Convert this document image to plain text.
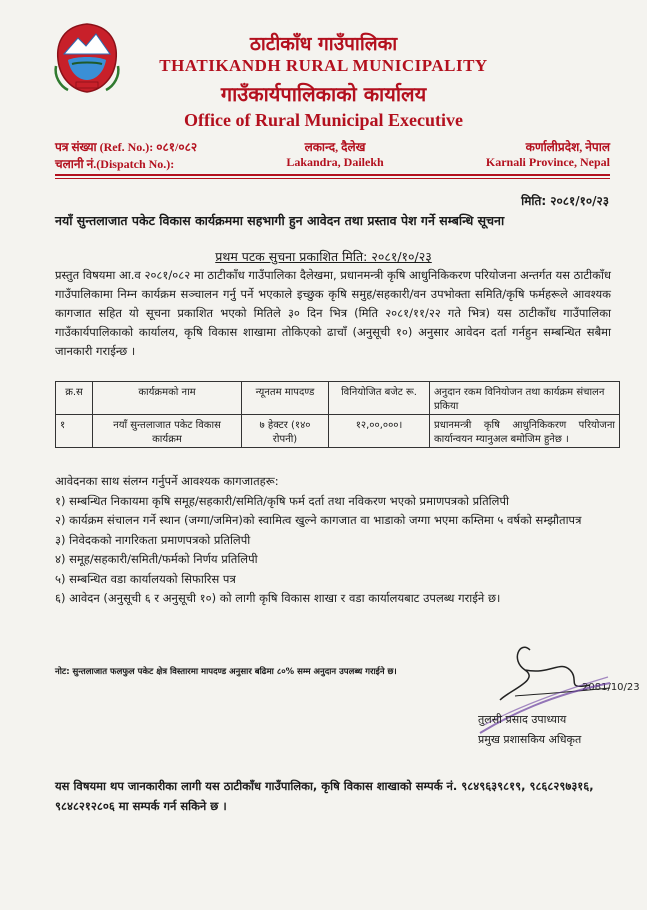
ठाटीकाँध गाउँपालिका
THATIKANDH RURAL MUNICIPALITY
गाउँकार्यपालिकाको कार्यालय
Office of Rural Municipal Executive
पत्र संख्या (Ref. No.): ०८१/०८२
चलानी नं.(Dispatch No.):
लकान्द, दैलेख
Lakandra, Dailekh
कर्णालीप्रदेश, नेपाल
Karnali Province, Nepal
मिति: २०८१/१०/२३
नयाँ सुन्तलाजात पकेट विकास कार्यक्रममा सहभागी हुन आवेदन तथा प्रस्ताव पेश गर्ने सम्बन्धि सूचना
प्रथम पटक सुचना प्रकाशित मिति: २०८१/१०/२३
प्रस्तुत विषयमा आ.व २०८१/०८२ मा ठाटीकाँध गाउँपालिका दैलेखमा, प्रधानमन्त्री कृषि आधुनिकिकरण परियोजना अन्तर्गत यस ठाटीकाँध गाउँपालिकामा निम्न कार्यक्रम सञ्चालन गर्नु पर्ने भएकाले इच्छुक कृषि समुह/सहकारी/वन उपभोक्ता समिति/कृषि फर्महरूले आवश्यक कागजात सहित यो सूचना प्रकाशित भएको मितिले ३० दिन भित्र (मिति २०८१/११/२२ गते भित्र) यस ठाटीकाँध गाउँपालिका गाउँकार्यपालिकाको कार्यालय, कृषि विकास शाखामा तोकिएको ढाचाँ (अनुसूची १०) अनुसार आवेदन दर्ता गर्नहुन सम्बन्धित सबैमा जानकारी गराईन्छ ।
क्र.स	कार्यक्रमको नाम	न्यूनतम मापदण्ड	विनियोजित बजेट रू.	अनुदान रकम विनियोजन तथा कार्यक्रम संचालन प्रकिया
१	नयाँ सुन्तलाजात पकेट विकास कार्यक्रम	७ हेक्टर (१४० रोपनी)	१२,००,०००।	प्रधानमन्त्री कृषि आधुनिकिकरण परियोजना कार्यान्वयन म्यानुअल बमोजिम हुनेछ ।
आवेदनका साथ संलग्न गर्नुपर्ने आवश्यक कागजातहरू:
१) सम्बन्धित निकायमा कृषि समूह/सहकारी/समिति/कृषि फर्म दर्ता तथा नविकरण भएको प्रमाणपत्रको प्रतिलिपी
२) कार्यक्रम संचालन गर्ने स्थान (जग्गा/जमिन)को स्वामित्व खुल्ने कागजात वा भाडाको जग्गा भएमा कम्तिमा ५ वर्षको सम्झौतापत्र
३) निवेदकको नागरिकता प्रमाणपत्रको प्रतिलिपी
४) समूह/सहकारी/समिती/फर्मको निर्णय प्रतिलिपी
५) सम्बन्धित वडा कार्यालयको सिफारिस पत्र
६) आवेदन (अनुसूची ६ र अनुसूची १०) को लागी कृषि विकास शाखा र वडा कार्यालयबाट उपलब्ध गराईने छ।
नोट: सुन्तलाजात फलफुल पकेट क्षेत्र विस्तारमा मापदण्ड अनुसार बढिमा ८०% सम्म अनुदान उपलब्ध गराईने छ।
2081/10/23
तुलसी प्रसाद उपाध्याय
प्रमुख प्रशासकिय अधिकृत
यस विषयमा थप जानकारीका लागी यस ठाटीकाँध गाउँपालिका, कृषि विकास शाखाको सम्पर्क नं. ९८४९६३९८१९, ९८६८२९७३१६, ९८४८२१२८०६ मा सम्पर्क गर्न सकिने छ ।
